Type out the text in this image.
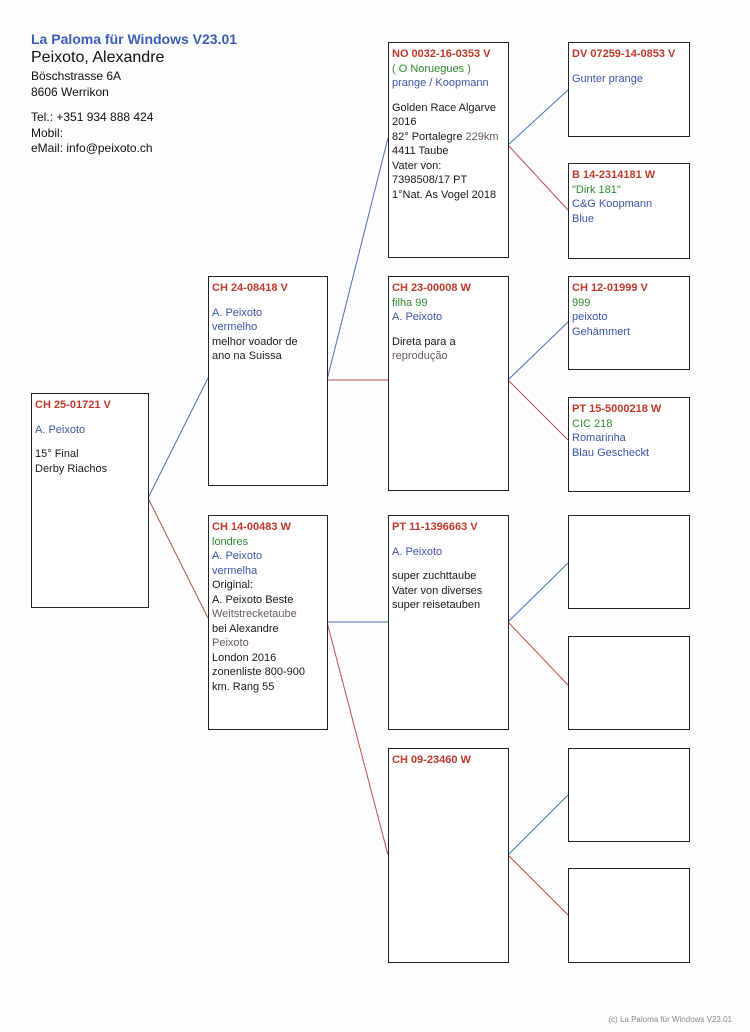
La Paloma für Windows V23.01
Peixoto, Alexandre
Böschstrasse 6A
8606 Werrikon
Tel.: +351 934 888 424
Mobil:
eMail: info@peixoto.ch
CH 25-01721 V
A. Peixoto
15° Final
Derby Riachos
CH 24-08418 V
A. Peixoto
vermelho
melhor voador de
ano na Suissa
CH 14-00483 W
londres
A. Peixoto
vermelha
Original:
A. Peixoto Beste
Weitstrecketaube
bei Alexandre
Peixoto
London 2016
zonenliste 800-900
km. Rang 55
NO 0032-16-0353 V
( O Noruegues )
prange / Koopmann
Golden Race Algarve
2016
82° Portalegre 229km
4411 Taube
Vater von:
7398508/17 PT
1°Nat. As Vogel 2018
CH 23-00008 W
filha 99
A. Peixoto
Direta para a
reprodução
PT 11-1396663 V
A. Peixoto
super zuchttaube
Vater von diverses
super reisetauben
CH 09-23460 W
DV 07259-14-0853 V
Gunter prange
B 14-2314181 W
"Dirk 181"
C&G Koopmann
Blue
CH 12-01999 V
999
peixoto
Gehämmert
PT 15-5000218 W
CIC 218
Romarinha
Blau Gescheckt
(c) La Paloma für Windows V23.01
